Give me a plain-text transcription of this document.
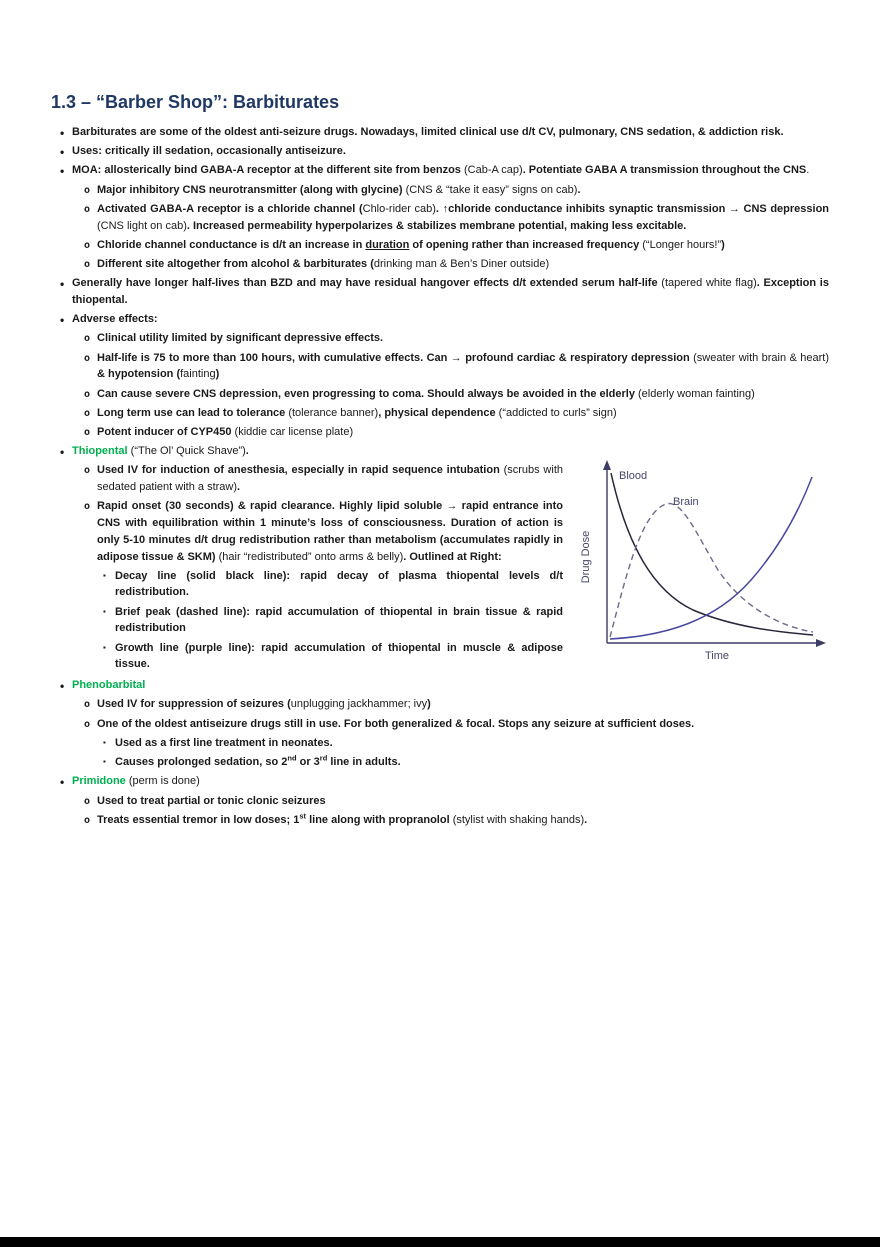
1.3 – “Barber Shop”: Barbiturates
• Barbiturates are some of the oldest anti-seizure drugs. Nowadays, limited clinical use d/t CV, pulmonary, CNS sedation, & addiction risk.
• Uses: critically ill sedation, occasionally antiseizure.
• MOA: allosterically bind GABA-A receptor at the different site from benzos (Cab-A cap). Potentiate GABA A transmission throughout the CNS.
o Major inhibitory CNS neurotransmitter (along with glycine) (CNS & “take it easy” signs on cab).
o Activated GABA-A receptor is a chloride channel (Chlo-rider cab). ↑chloride conductance inhibits synaptic transmission → CNS depression (CNS light on cab). Increased permeability hyperpolarizes & stabilizes membrane potential, making less excitable.
o Chloride channel conductance is d/t an increase in duration of opening rather than increased frequency (“Longer hours!”)
o Different site altogether from alcohol & barbiturates (drinking man & Ben’s Diner outside)
• Generally have longer half-lives than BZD and may have residual hangover effects d/t extended serum half-life (tapered white flag). Exception is thiopental.
• Adverse effects:
o Clinical utility limited by significant depressive effects.
o Half-life is 75 to more than 100 hours, with cumulative effects. Can → profound cardiac & respiratory depression (sweater with brain & heart) & hypotension (fainting)
o Can cause severe CNS depression, even progressing to coma. Should always be avoided in the elderly (elderly woman fainting)
o Long term use can lead to tolerance (tolerance banner), physical dependence (“addicted to curls” sign)
o Potent inducer of CYP450 (kiddie car license plate)
Blood
Brain
Drug Dose
Time
• Thiopental (“The Ol’ Quick Shave”).
o Used IV for induction of anesthesia, especially in rapid sequence intubation (scrubs with sedated patient with a straw).
o Rapid onset (30 seconds) & rapid clearance. Highly lipid soluble → rapid entrance into CNS with equilibration within 1 minute’s loss of consciousness. Duration of action is only 5-10 minutes d/t drug redistribution rather than metabolism (accumulates rapidly in adipose tissue & SKM) (hair “redistributed” onto arms & belly). Outlined at Right:
▪ Decay line (solid black line): rapid decay of plasma thiopental levels d/t redistribution.
▪ Brief peak (dashed line): rapid accumulation of thiopental in brain tissue & rapid redistribution
▪ Growth line (purple line): rapid accumulation of thiopental in muscle & adipose tissue.
• Phenobarbital
o Used IV for suppression of seizures (unplugging jackhammer; ivy)
o One of the oldest antiseizure drugs still in use. For both generalized & focal. Stops any seizure at sufficient doses.
▪ Used as a first line treatment in neonates.
▪ Causes prolonged sedation, so 2nd or 3rd line in adults.
• Primidone (perm is done)
o Used to treat partial or tonic clonic seizures
o Treats essential tremor in low doses; 1st line along with propranolol (stylist with shaking hands).
